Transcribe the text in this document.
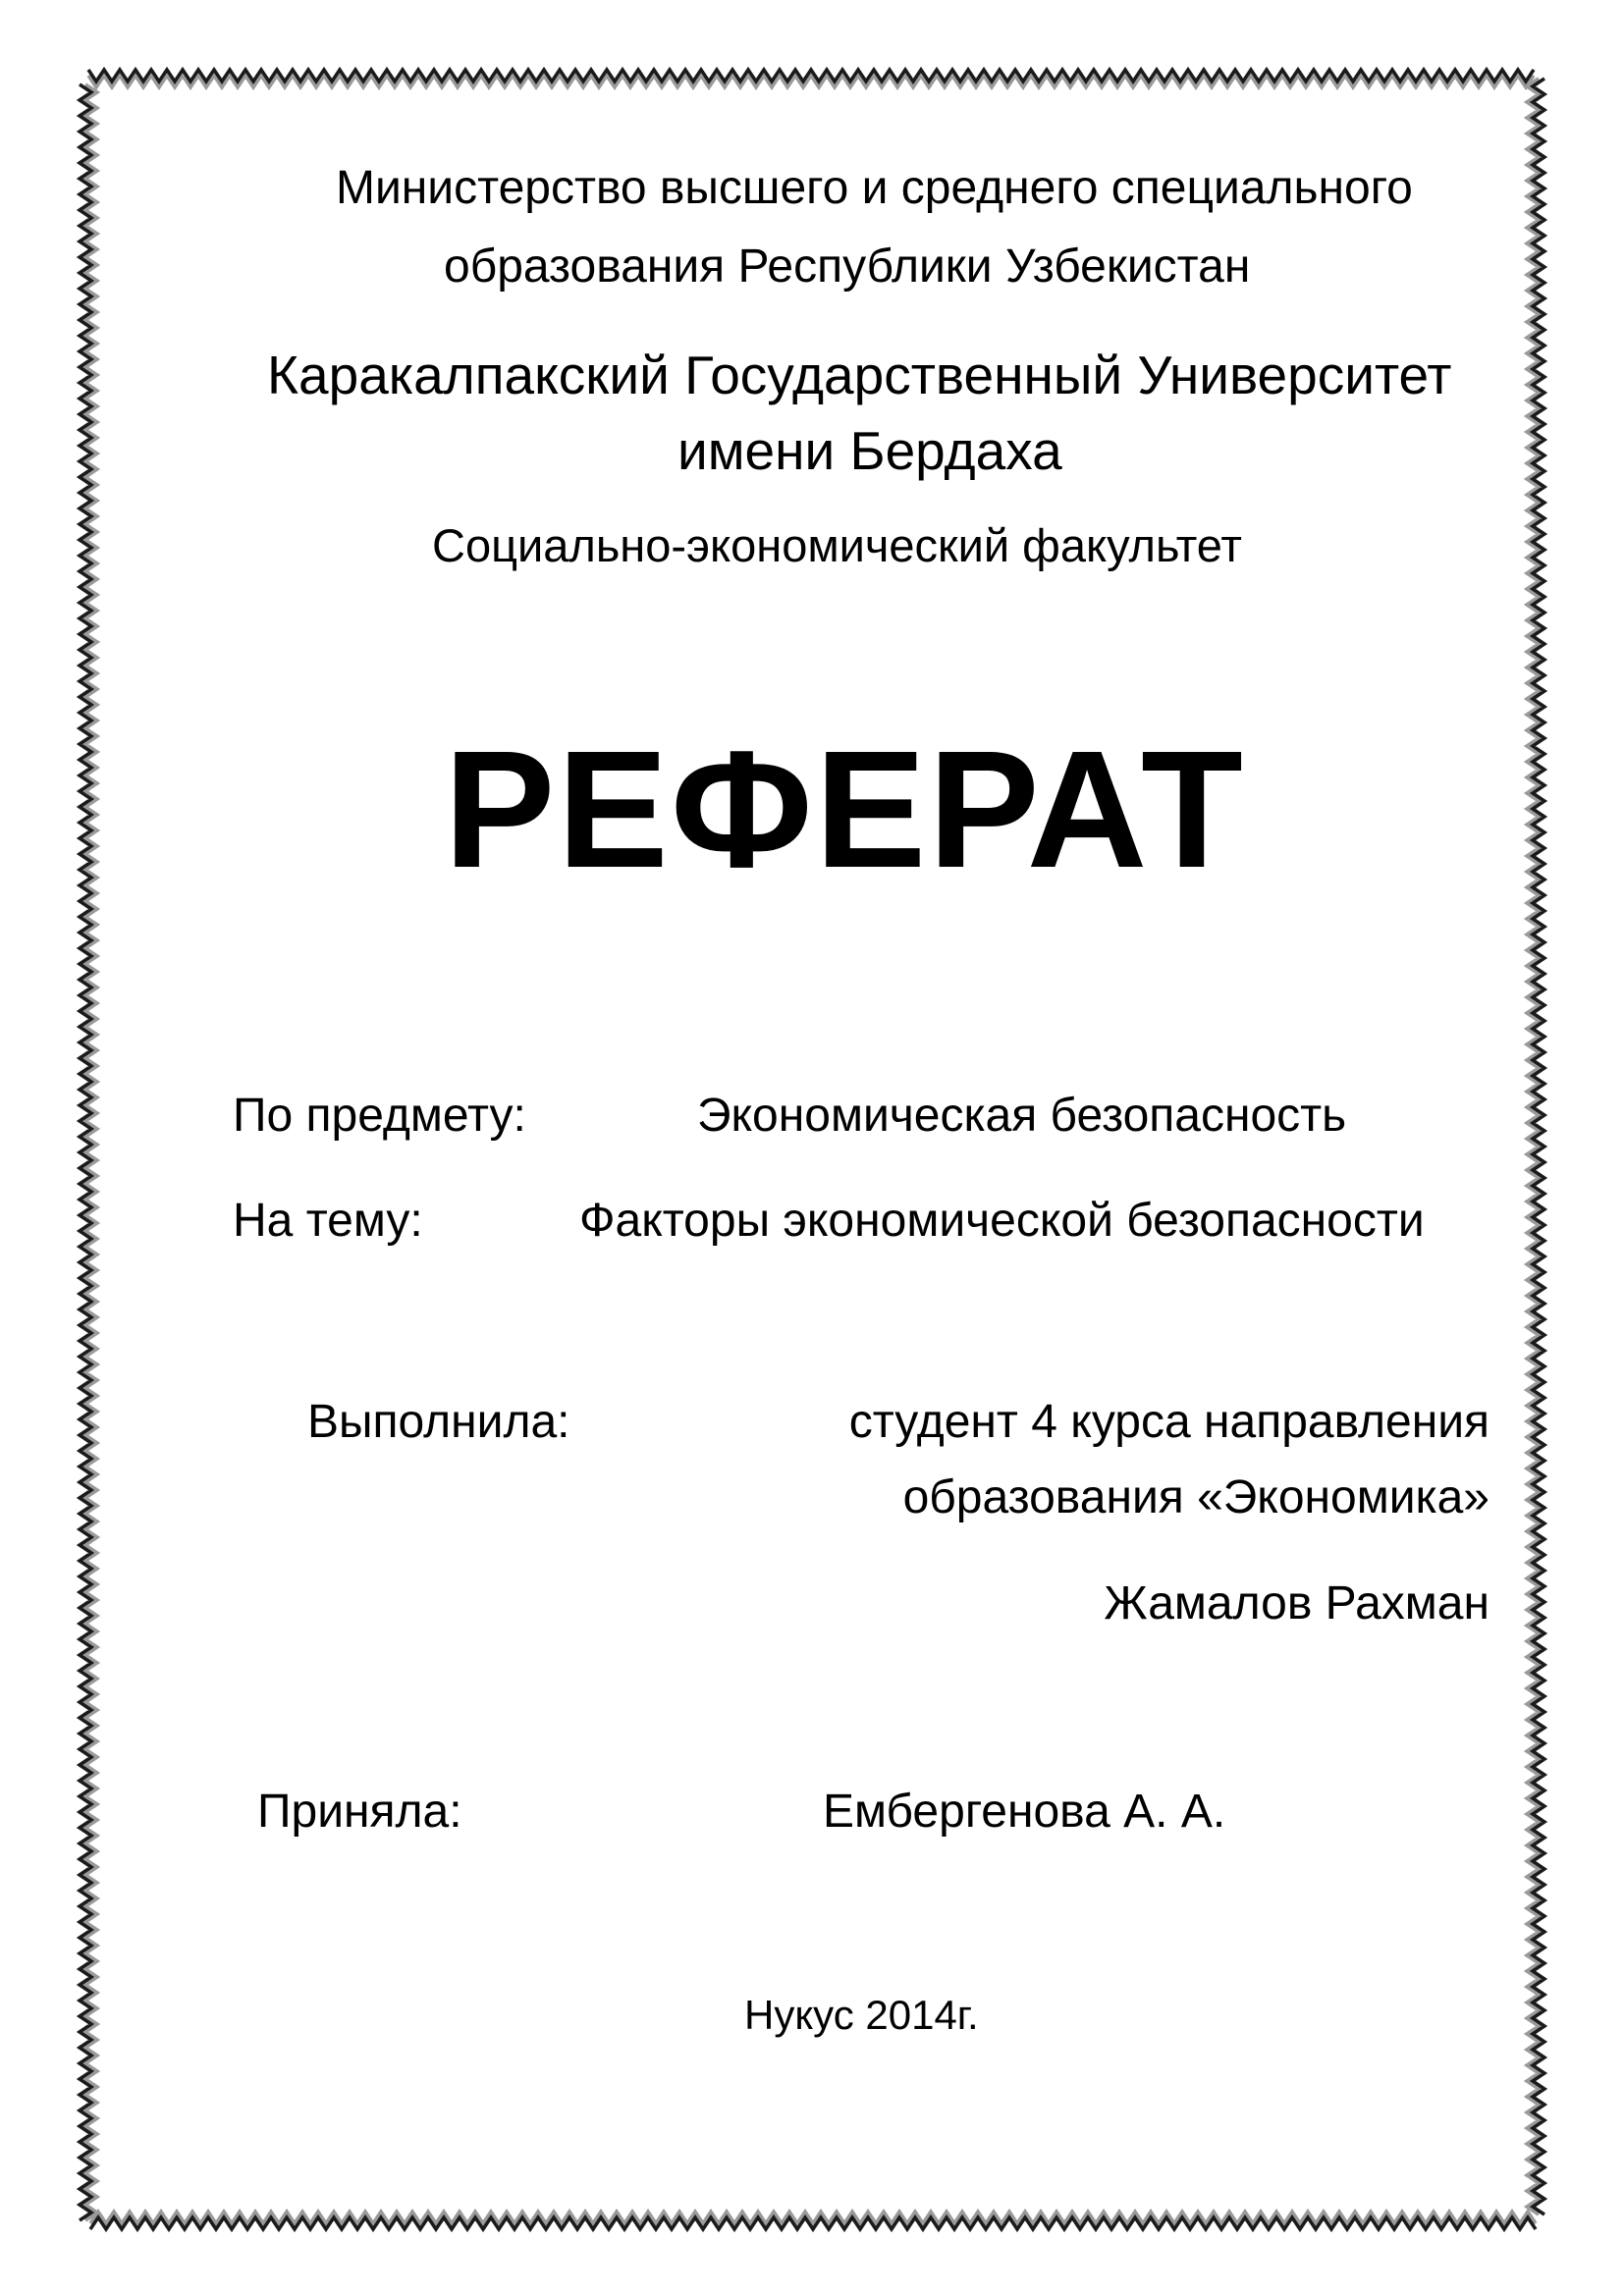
Министерство высшего и среднего специального
образования Республики Узбекистан
Каракалпакский Государственный Университет
имени Бердаха
Социально-экономический факультет
РЕФЕРАТ
По предмету:	Экономическая безопасность
На тему:	Факторы экономической безопасности
Выполнила:	студент 4 курса направления
образования «Экономика»
Жамалов Рахман
Приняла:	Ембергенова А. А.
Нукус 2014г.
